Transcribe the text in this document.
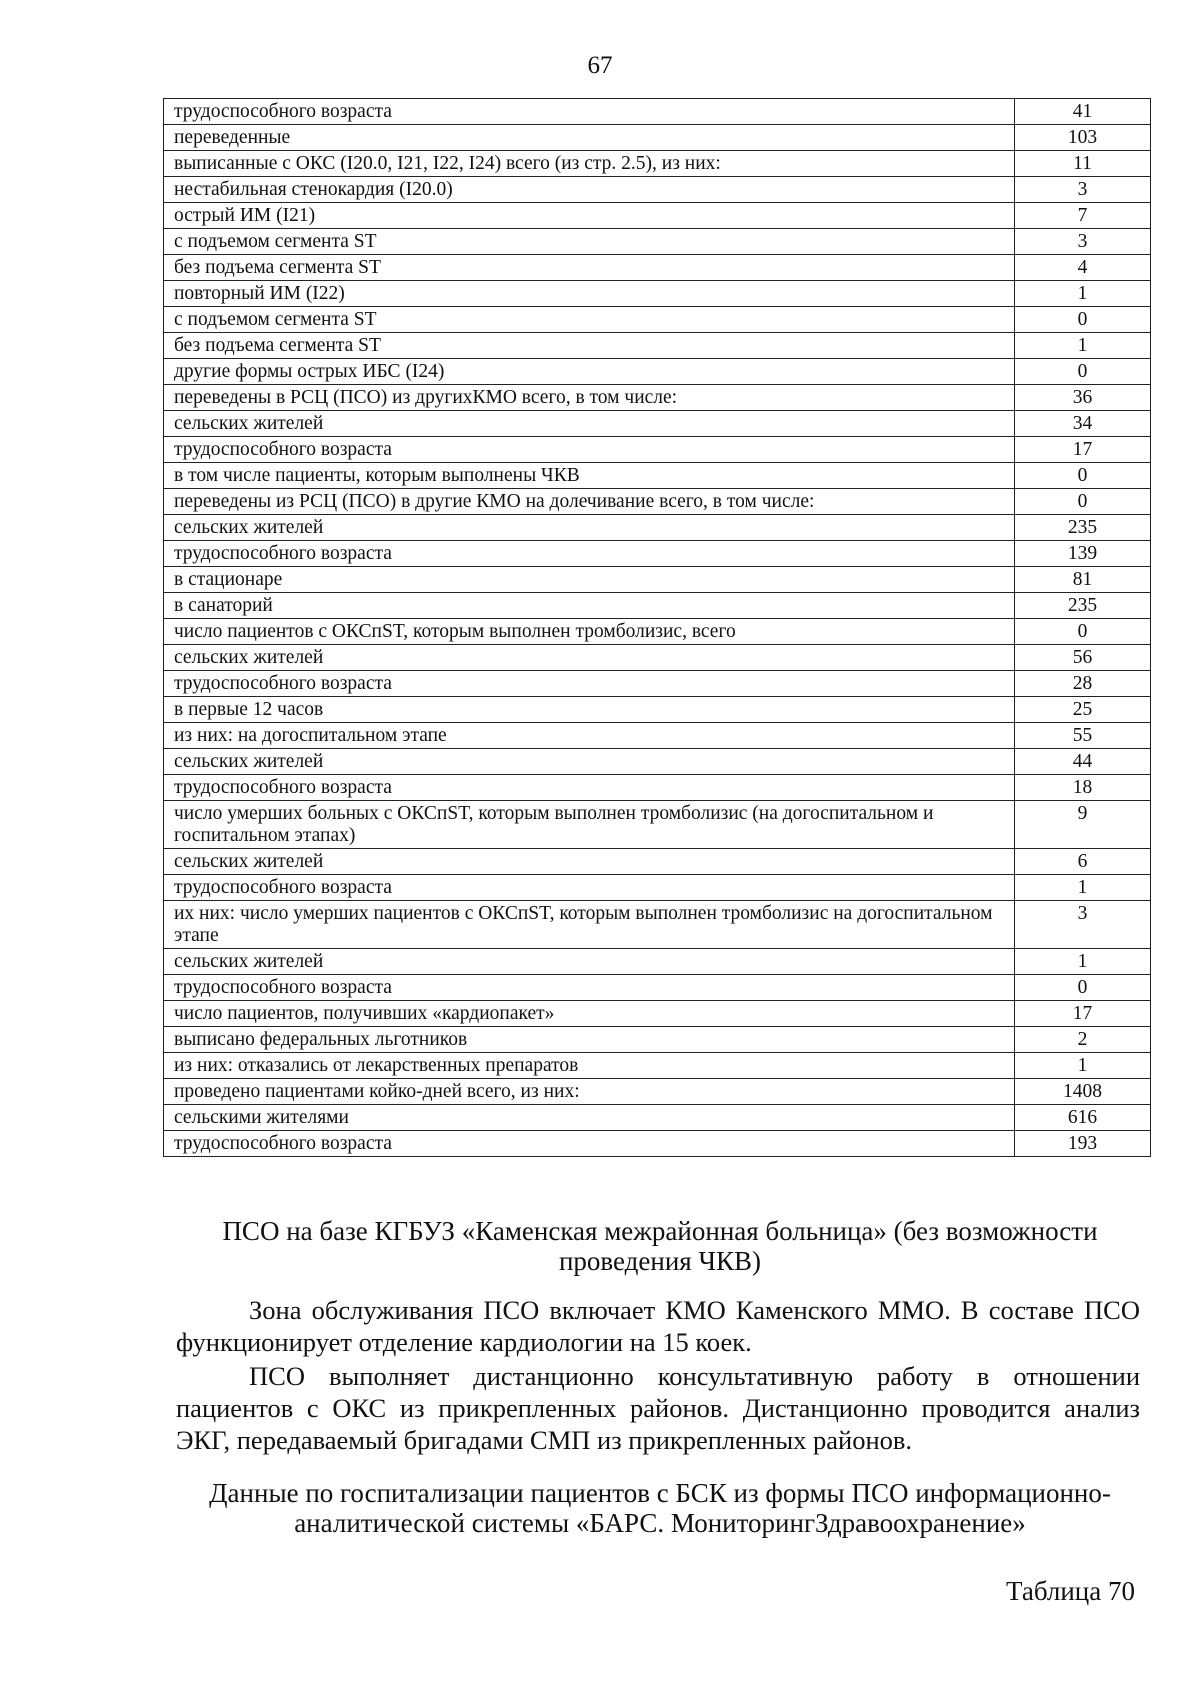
67
трудоспособного возраста	41
переведенные	103
выписанные с ОКС (I20.0, I21, I22, I24) всего (из стр. 2.5), из них:	11
нестабильная стенокардия (I20.0)	3
острый ИМ (I21)	7
с подъемом сегмента ST	3
без подъема сегмента ST	4
повторный ИМ (I22)	1
с подъемом сегмента ST	0
без подъема сегмента ST	1
другие формы острых ИБС (I24)	0
переведены в РСЦ (ПСО) из другихКМО всего, в том числе:	36
сельских жителей	34
трудоспособного возраста	17
в том числе пациенты, которым выполнены ЧКВ	0
переведены из РСЦ (ПСО) в другие КМО на долечивание всего, в том числе:	0
сельских жителей	235
трудоспособного возраста	139
в стационаре	81
в санаторий	235
число пациентов с ОКСпST, которым выполнен тромболизис, всего	0
сельских жителей	56
трудоспособного возраста	28
в первые 12 часов	25
из них: на догоспитальном этапе	55
сельских жителей	44
трудоспособного возраста	18
число умерших больных с ОКСпST, которым выполнен тромболизис (на догоспитальном и госпитальном этапах)	9
сельских жителей	6
трудоспособного возраста	1
их них: число умерших пациентов с ОКСпST, которым выполнен тромболизис на догоспитальном этапе	3
сельских жителей	1
трудоспособного возраста	0
число пациентов, получивших «кардиопакет»	17
выписано федеральных льготников	2
из них: отказались от лекарственных препаратов	1
проведено пациентами койко-дней всего, из них:	1408
сельскими жителями	616
трудоспособного возраста	193
ПСО на базе КГБУЗ «Каменская межрайонная больница» (без возможности проведения ЧКВ)
Зона обслуживания ПСО включает КМО Каменского ММО. В составе ПСО функционирует отделение кардиологии на 15 коек.
ПСО выполняет дистанционно консультативную работу в отношении пациентов с ОКС из прикрепленных районов. Дистанционно проводится анализ ЭКГ, передаваемый бригадами СМП из прикрепленных районов.
Данные по госпитализации пациентов с БСК из формы ПСО информационно-аналитической системы «БАРС. МониторингЗдравоохранение»
Таблица 70
